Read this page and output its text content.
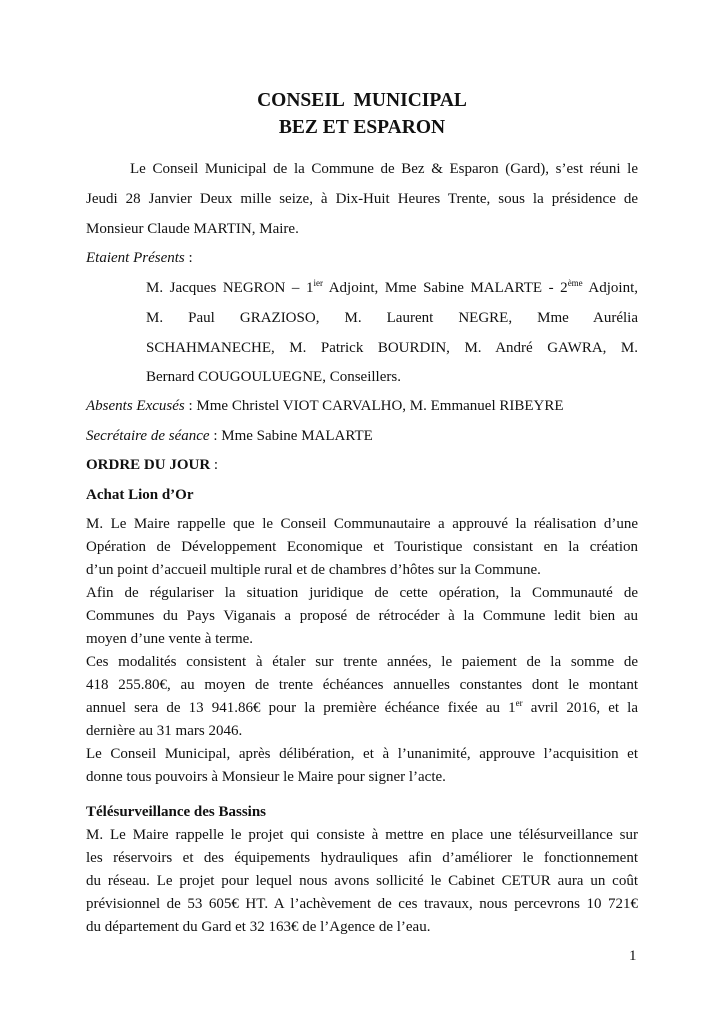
CONSEIL  MUNICIPAL
BEZ ET ESPARON
Le Conseil Municipal de la Commune de Bez & Esparon (Gard), s’est réuni le
Jeudi 28 Janvier Deux mille seize, à Dix-Huit Heures Trente, sous la présidence de
Monsieur Claude MARTIN, Maire.
Etaient Présents :
M. Jacques NEGRON – $1^{ier}$ Adjoint, Mme Sabine MALARTE - 2ème Adjoint,
M. Paul GRAZIOSO, M. Laurent NEGRE, Mme Aurélia
SCHAHMANECHE, M. Patrick BOURDIN, M. André GAWRA, M.
Bernard COUGOULUEGNE, Conseillers.
Absents Excusés : Mme Christel VIOT CARVALHO, M. Emmanuel RIBEYRE
Secrétaire de séance : Mme Sabine MALARTE
ORDRE DU JOUR :
Achat Lion d’Or
M. Le Maire rappelle que le Conseil Communautaire a approuvé la réalisation d’une
Opération de Développement Economique et Touristique consistant en la création
d’un point d’accueil multiple rural et de chambres d’hôtes sur la Commune.
Afin de régulariser la situation juridique de cette opération, la Communauté de
Communes du Pays Viganais a proposé de rétrocéder à la Commune ledit bien au
moyen d’une vente à terme.
Ces modalités consistent à étaler sur trente années, le paiement de la somme de
418 255.80€, au moyen de trente échéances annuelles constantes dont le montant
annuel sera de 13 941.86€ pour la première échéance fixée au 1er avril 2016, et la
dernière au 31 mars 2046.
Le Conseil Municipal, après délibération, et à l’unanimité, approuve l’acquisition et
donne tous pouvoirs à Monsieur le Maire pour signer l’acte.
Télésurveillance des Bassins
M. Le Maire rappelle le projet qui consiste à mettre en place une télésurveillance sur
les réservoirs et des équipements hydrauliques afin d’améliorer le fonctionnement
du réseau. Le projet pour lequel nous avons sollicité le Cabinet CETUR aura un coût
prévisionnel de 53 605€ HT. A l’achèvement de ces travaux, nous percevrons 10 721€
du département du Gard et 32 163€ de l’Agence de l’eau.
1
